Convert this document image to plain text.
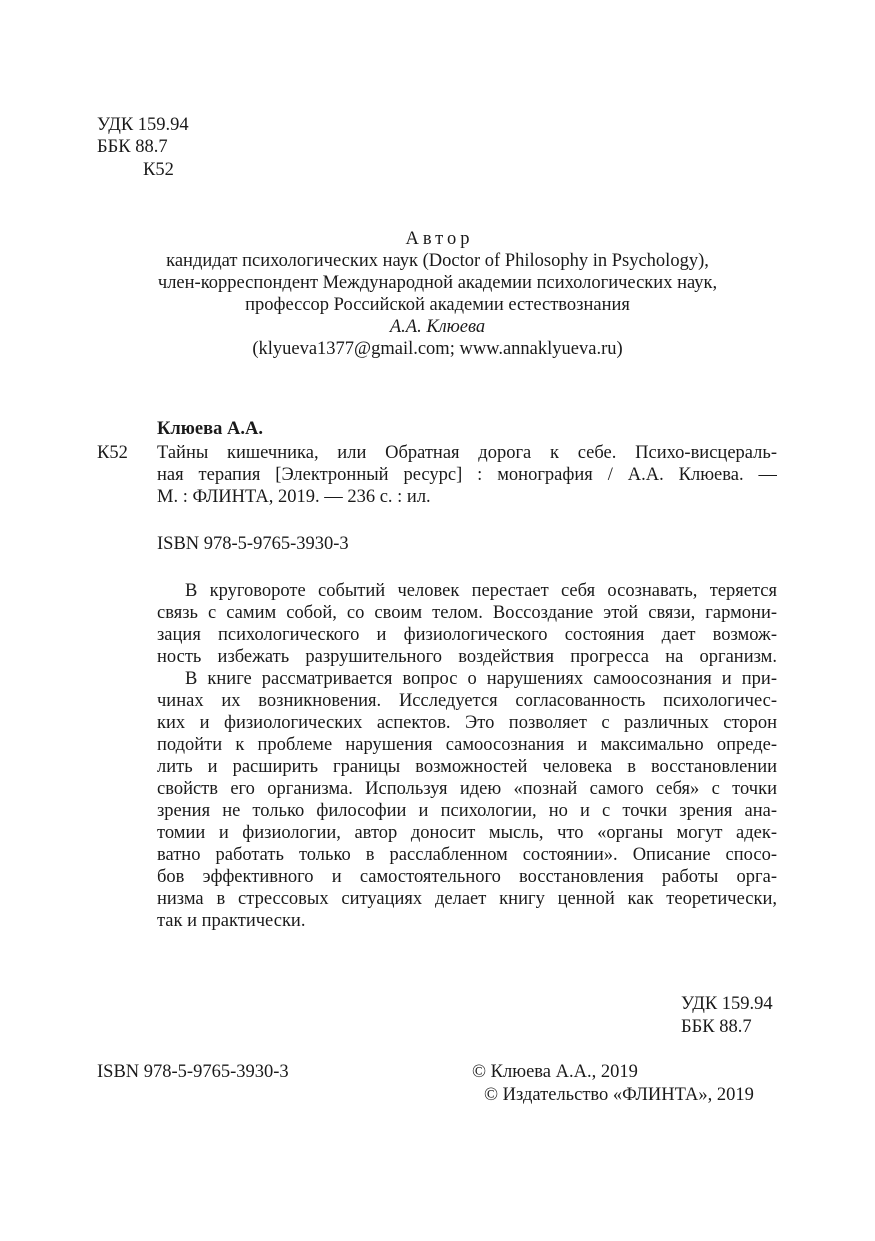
УДК 159.94
ББК 88.7
К52
Автор
кандидат психологических наук (Doctor of Philosophy in Psychology),
член-корреспондент Международной академии психологических наук,
профессор Российской академии естествознания
А.А. Клюева
(klyueva1377@gmail.com; www.annaklyueva.ru)
Клюева А.А.
К52 Тайны кишечника, или Обратная дорога к себе. Психо-висцераль-
ная терапия [Электронный ресурс] : монография / А.А. Клюева. —
М. : ФЛИНТА, 2019. — 236 с. : ил.
ISBN 978-5-9765-3930-3
В круговороте событий человек перестает себя осознавать, теряется
связь с самим собой, со своим телом. Воссоздание этой связи, гармони-
зация психологического и физиологического состояния дает возмож-
ность избежать разрушительного воздействия прогресса на организм.
В книге рассматривается вопрос о нарушениях самоосознания и при-
чинах их возникновения. Исследуется согласованность психологичес-
ких и физиологических аспектов. Это позволяет с различных сторон
подойти к проблеме нарушения самоосознания и максимально опреде-
лить и расширить границы возможностей человека в восстановлении
свойств его организма. Используя идею «познай самого себя» с точки
зрения не только философии и психологии, но и с точки зрения ана-
томии и физиологии, автор доносит мысль, что «органы могут адек-
ватно работать только в расслабленном состоянии». Описание спосо-
бов эффективного и самостоятельного восстановления работы орга-
низма в стрессовых ситуациях делает книгу ценной как теоретически,
так и практически.
УДК 159.94
ББК 88.7
ISBN 978-5-9765-3930-3	© Клюева А.А., 2019
© Издательство «ФЛИНТА», 2019
